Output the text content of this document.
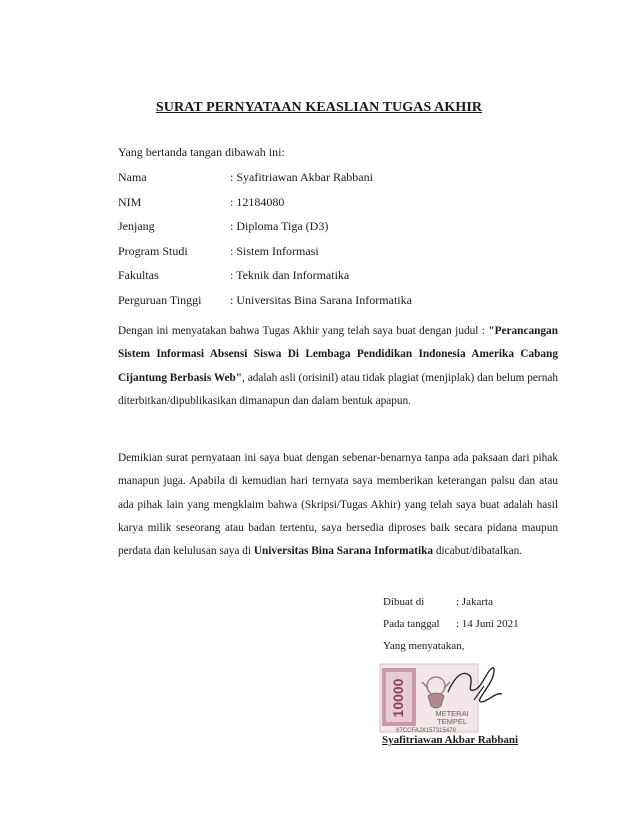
SURAT PERNYATAAN KEASLIAN TUGAS AKHIR
Yang bertanda tangan dibawah ini:
Nama	: Syafitriawan Akbar Rabbani
NIM	: 12184080
Jenjang	: Diploma Tiga (D3)
Program Studi	: Sistem Informasi
Fakultas	: Teknik dan Informatika
Perguruan Tinggi	: Universitas Bina Sarana Informatika
Dengan ini menyatakan bahwa Tugas Akhir yang telah saya buat dengan judul : "Perancangan Sistem Informasi Absensi Siswa Di Lembaga Pendidikan Indonesia Amerika Cabang Cijantung Berbasis Web", adalah asli (orisinil) atau tidak plagiat (menjiplak) dan belum pernah diterbitkan/dipublikasikan dimanapun dan dalam bentuk apapun.
Demikian surat pernyataan ini saya buat dengan sebenar-benarnya tanpa ada paksaan dari pihak manapun juga. Apabila di kemudian hari ternyata saya memberikan keterangan palsu dan atau ada pihak lain yang mengklaim bahwa (Skripsi/Tugas Akhir) yang telah saya buat adalah hasil karya milik seseorang atau badan tertentu, saya bersedia diproses baik secara pidana maupun perdata dan kelulusan saya di Universitas Bina Sarana Informatika dicabut/dibatalkan.
Dibuat di	: Jakarta
Pada tanggal	: 14 Juni 2021
Yang menyatakan,
10000	METERAI
TEMPEL
67CCFAJX157315478
Syafitriawan Akbar Rabbani
